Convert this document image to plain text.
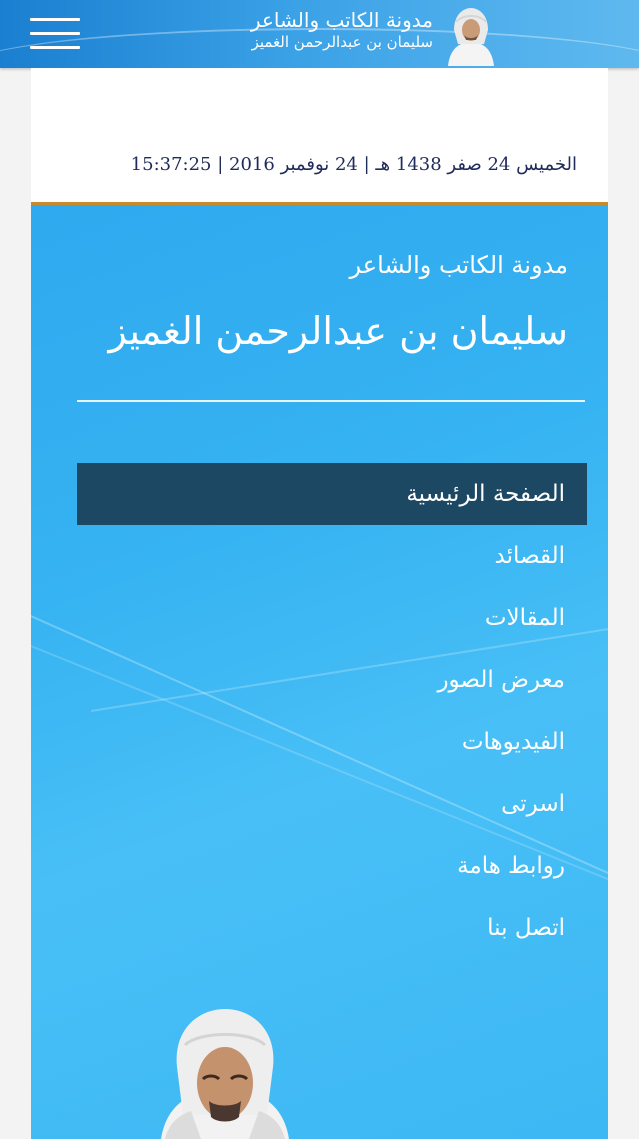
مدونة الكاتب والشاعر
سليمان بن عبدالرحمن الغميز
الخميس 24 صفر 1438 هـ | 24 نوفمبر 2016 | 15:37:25
مدونة الكاتب والشاعر
سليمان بن عبدالرحمن الغميز
الصفحة الرئيسية
القصائد
المقالات
معرض الصور
الفيديوهات
اسرتى
روابط هامة
اتصل بنا
